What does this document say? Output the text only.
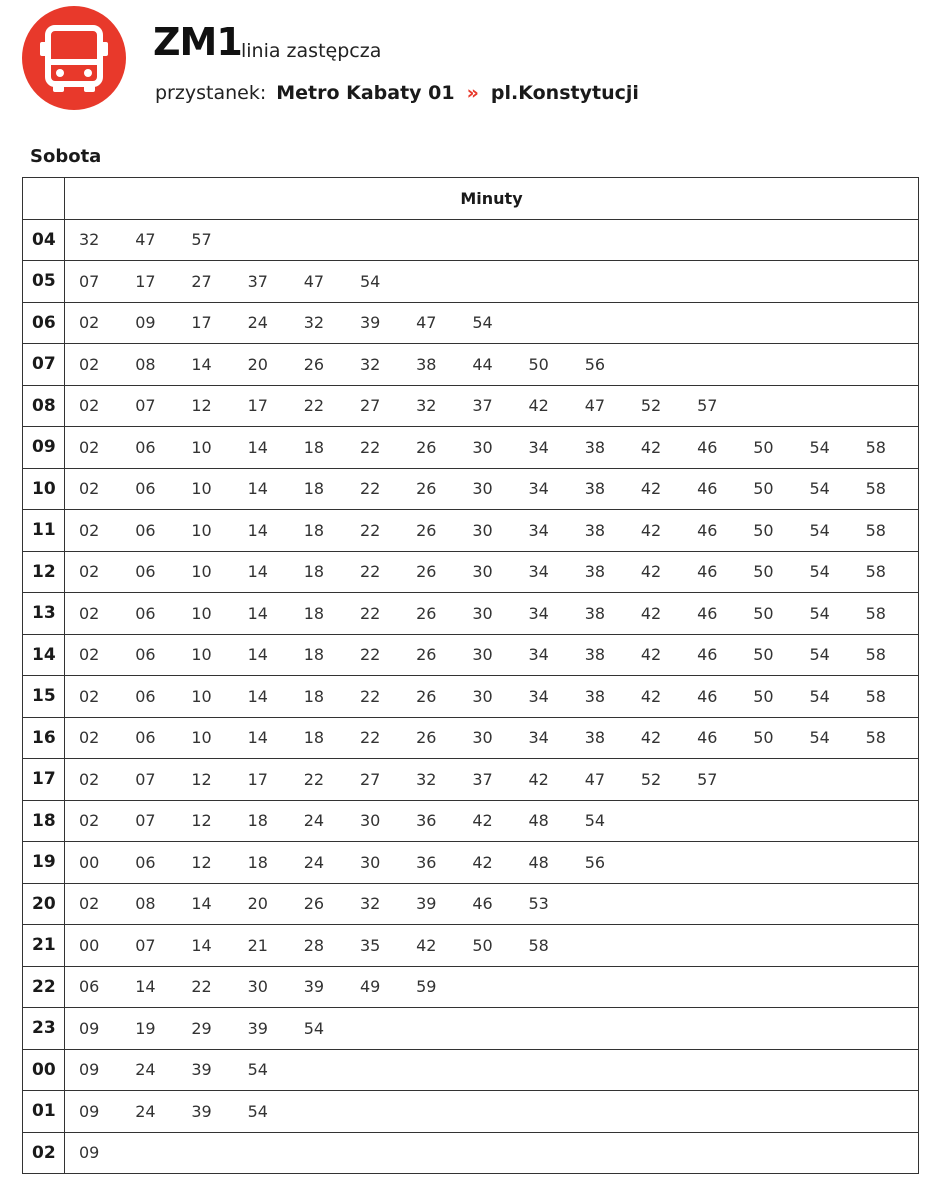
ZM1 linia zastępcza
przystanek: Metro Kabaty 01 » pl.Konstytucji
Sobota
	Minuty
04	32 47 57
05	07 17 27 37 47 54
06	02 09 17 24 32 39 47 54
07	02 08 14 20 26 32 38 44 50 56
08	02 07 12 17 22 27 32 37 42 47 52 57
09	02 06 10 14 18 22 26 30 34 38 42 46 50 54 58
10	02 06 10 14 18 22 26 30 34 38 42 46 50 54 58
11	02 06 10 14 18 22 26 30 34 38 42 46 50 54 58
12	02 06 10 14 18 22 26 30 34 38 42 46 50 54 58
13	02 06 10 14 18 22 26 30 34 38 42 46 50 54 58
14	02 06 10 14 18 22 26 30 34 38 42 46 50 54 58
15	02 06 10 14 18 22 26 30 34 38 42 46 50 54 58
16	02 06 10 14 18 22 26 30 34 38 42 46 50 54 58
17	02 07 12 17 22 27 32 37 42 47 52 57
18	02 07 12 18 24 30 36 42 48 54
19	00 06 12 18 24 30 36 42 48 56
20	02 08 14 20 26 32 39 46 53
21	00 07 14 21 28 35 42 50 58
22	06 14 22 30 39 49 59
23	09 19 29 39 54
00	09 24 39 54
01	09 24 39 54
02	09
